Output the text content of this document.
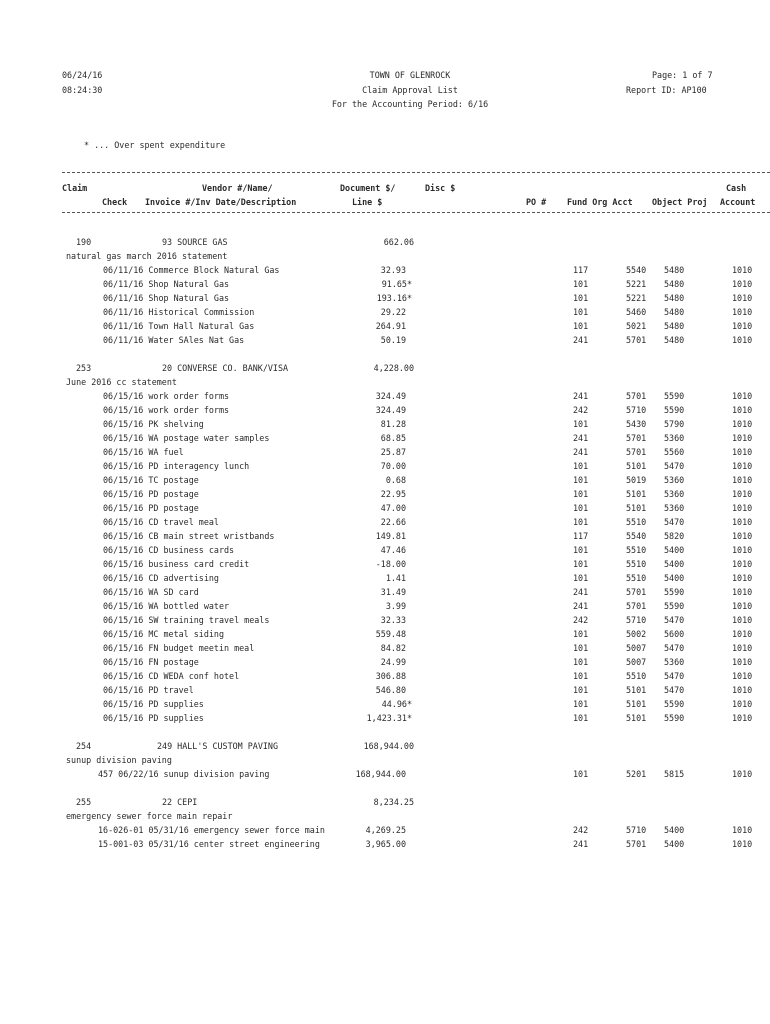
06/24/16
08:24:30
TOWN OF GLENROCK
Claim Approval List
For the Accounting Period: 6/16
Page: 1 of 7
Report ID: AP100
* ... Over spent expenditure
Claim	Vendor #/Name/	Document $/	Disc $	Cash
Check Invoice #/Inv Date/Description	Line $	PO # Fund Org Acct Object Proj Account
190	93 SOURCE GAS	662.06
natural gas march 2016 statement
06/11/16 Commerce Block Natural Gas	32.93	117	5540 5480	1010
06/11/16 Shop Natural Gas	91.65*	101	5221 5480	1010
06/11/16 Shop Natural Gas	193.16*	101	5221 5480	1010
06/11/16 Historical Commission	29.22	101	5460 5480	1010
06/11/16 Town Hall Natural Gas	264.91	101	5021 5480	1010
06/11/16 Water SAles Nat Gas	50.19	241	5701 5480	1010
253	20 CONVERSE CO. BANK/VISA	4,228.00
June 2016 cc statement
06/15/16 work order forms	324.49	241	5701 5590	1010
06/15/16 work order forms	324.49	242	5710 5590	1010
06/15/16 PK shelving	81.28	101	5430 5790	1010
06/15/16 WA postage water samples	68.85	241	5701 5360	1010
06/15/16 WA fuel	25.87	241	5701 5560	1010
06/15/16 PD interagency lunch	70.00	101	5101 5470	1010
06/15/16 TC postage	0.68	101	5019 5360	1010
06/15/16 PD postage	22.95	101	5101 5360	1010
06/15/16 PD postage	47.00	101	5101 5360	1010
06/15/16 CD travel meal	22.66	101	5510 5470	1010
06/15/16 CB main street wristbands	149.81	117	5540 5820	1010
06/15/16 CD business cards	47.46	101	5510 5400	1010
06/15/16 business card credit	-18.00	101	5510 5400	1010
06/15/16 CD advertising	1.41	101	5510 5400	1010
06/15/16 WA SD card	31.49	241	5701 5590	1010
06/15/16 WA bottled water	3.99	241	5701 5590	1010
06/15/16 SW training travel meals	32.33	242	5710 5470	1010
06/15/16 MC metal siding	559.48	101	5002 5600	1010
06/15/16 FN budget meetin meal	84.82	101	5007 5470	1010
06/15/16 FN postage	24.99	101	5007 5360	1010
06/15/16 CD WEDA conf hotel	306.88	101	5510 5470	1010
06/15/16 PD travel	546.80	101	5101 5470	1010
06/15/16 PD supplies	44.96*	101	5101 5590	1010
06/15/16 PD supplies	1,423.31*	101	5101 5590	1010
254	249 HALL'S CUSTOM PAVING	168,944.00
sunup division paving
457 06/22/16 sunup division paving	168,944.00	101	5201 5815	1010
255	22 CEPI	8,234.25
emergency sewer force main repair
16-026-01 05/31/16 emergency sewer force main	4,269.25	242	5710 5400	1010
15-001-03 05/31/16 center street engineering	3,965.00	241	5701 5400	1010
